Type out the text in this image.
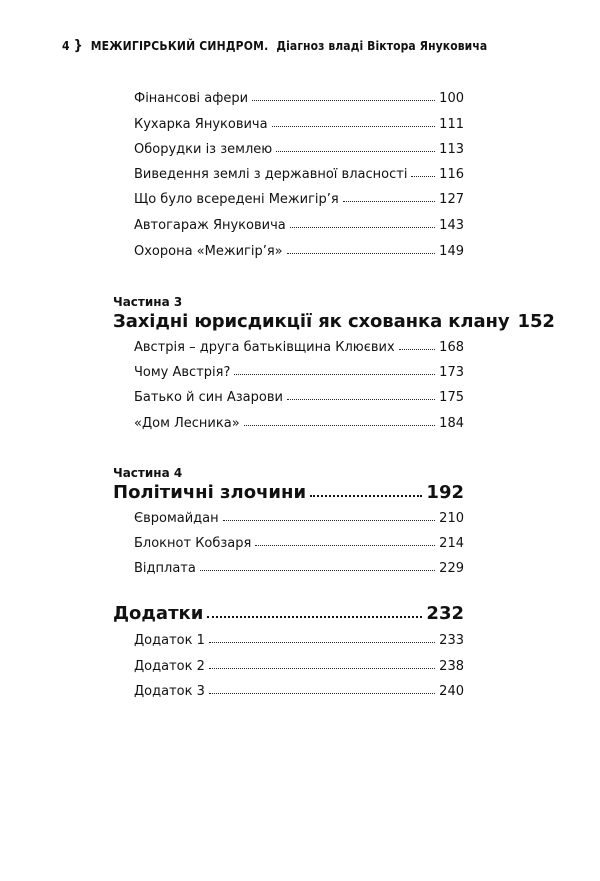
4 } МЕЖИГІРСЬКИЙ СИНДРОМ. Діагноз владі Віктора Януковича
Фінансові афери	100
Кухарка Януковича	111
Оборудки із землею	113
Виведення землі з державної власності 116
Що було всередені Межигір’я	127
Автогараж Януковича	143
Охорона «Межигір’я»	149
Частина 3
Західні юрисдикції як схованка клану 152
Австрія – друга батьківщина Клюєвих	168
Чому Австрія?	173
Батько й син Азарови	175
«Дом Лесника»	184
Частина 4
Політичні злочини	192
Євромайдан	210
Блокнот Кобзаря	214
Відплата	229
Додатки	232
Додаток 1	233
Додаток 2	238
Додаток 3	240
